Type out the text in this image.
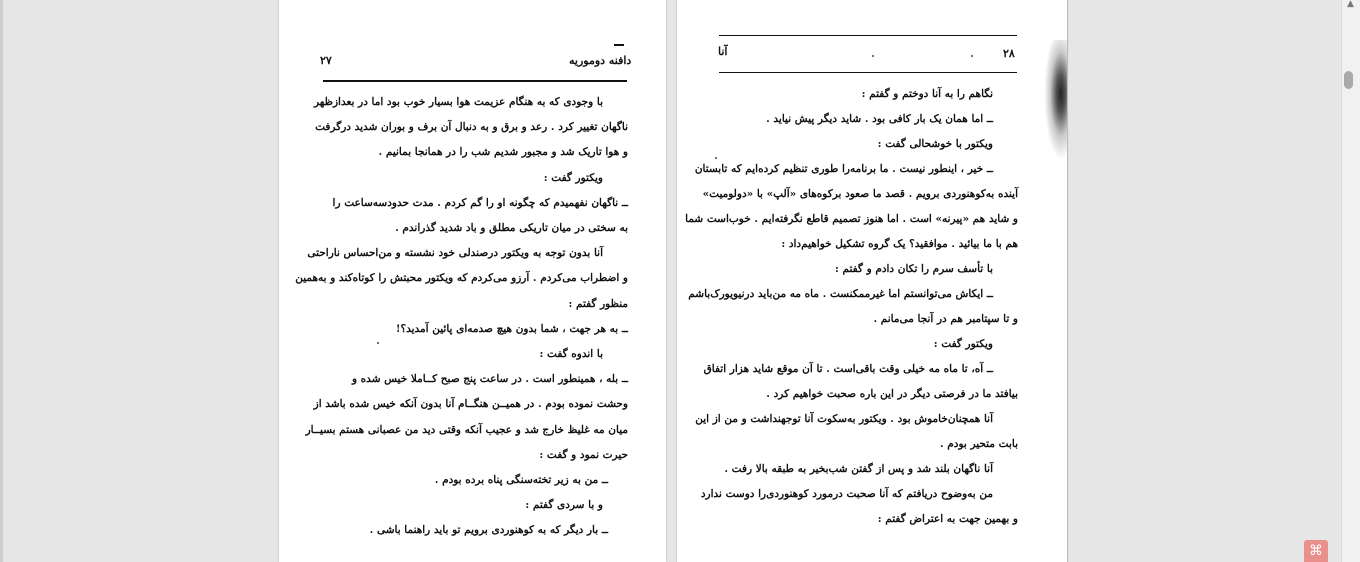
دافنه دوموریه
۲۷
با وجودی که به هنگام عزیمت هوا بسیار خوب بود اما در بعدازظهر
ناگهان تغییر کرد . رعد و برق و به دنبال آن برف و بوران شدید درگرفت
و هوا تاریک شد و مجبور شدیم شب را در همانجا بمانیم .
ویکتور گفت :
ــ ناگهان نفهمیدم که چگونه او را گم کردم . مدت حدودسه‌ساعت را
به سختی در میان تاریکی مطلق و باد شدید گذراندم .
آنا بدون توجه به ویکتور درصندلی خود نشسته و من‌احساس ناراحتی
و اضطراب می‌کردم . آرزو می‌کردم که ویکتور محبتش را کوتاه‌کند و به‌همین
منظور گفتم :
ــ به هر جهت ، شما بدون هیچ صدمه‌ای پائین آمدید؟!
با اندوه گفت :
ــ بله ، همینطور است . در ساعت پنج صبح کــاملا خیس شده و
وحشت نموده بودم . در همیــن هنگــام آنا بدون آنکه خیس شده باشد از
میان مه غلیظ خارج شد و عجیب آنکه وقتی دید من عصبانی هستم بسیــار
حیرت نمود و گفت :
ــ من به زیر تخته‌سنگی پناه برده بودم .
و با سردی گفتم :
ــ بار دیگر که به کوهنوردی برویم تو باید راهنما باشی .
آنا	۲۸
نگاهم را به آنا دوختم و گفتم :
ــ اما همان یک بار کافی بود . شاید دیگر پیش نیاید .
ویکتور با خوشحالی گفت :
ــ خیر ، اینطور نیست . ما برنامه‌را طوری تنظیم کرده‌ایم که تابستان
آینده به‌کوهنوردی برویم . قصد ما صعود برکوه‌های «آلپ» با «دولومیت»
و شاید هم «پیرنه» است . اما هنوز تصمیم قاطع نگرفته‌ایم . خوب‌است شما
هم با ما بیائید . موافقید؟ یک گروه تشکیل خواهیم‌داد :
با تأسف سرم را تکان دادم و گفتم :
ــ ایکاش می‌توانستم اما غیرممکنست . ماه مه من‌باید درنیویورک‌باشم
و تا سپتامبر هم در آنجا می‌مانم .
ویکتور گفت :
ــ آه‌، تا ماه مه خیلی وقت باقی‌است . تا آن موقع شاید هزار اتفاق
بیافتد ما در فرصتی دیگر در این باره صحبت خواهیم کرد .
آنا همچنان‌خاموش بود . ویکتور به‌سکوت آنا توجهنداشت و من از این
بابت متحیر بودم .
آنا ناگهان بلند شد و پس از گفتن شب‌بخیر به طبقه بالا رفت .
من به‌وضوح دریافتم که آنا صحبت درمورد کوهنوردی‌را دوست ندارد
و بهمین جهت به اعتراض گفتم :
▲
⌘
